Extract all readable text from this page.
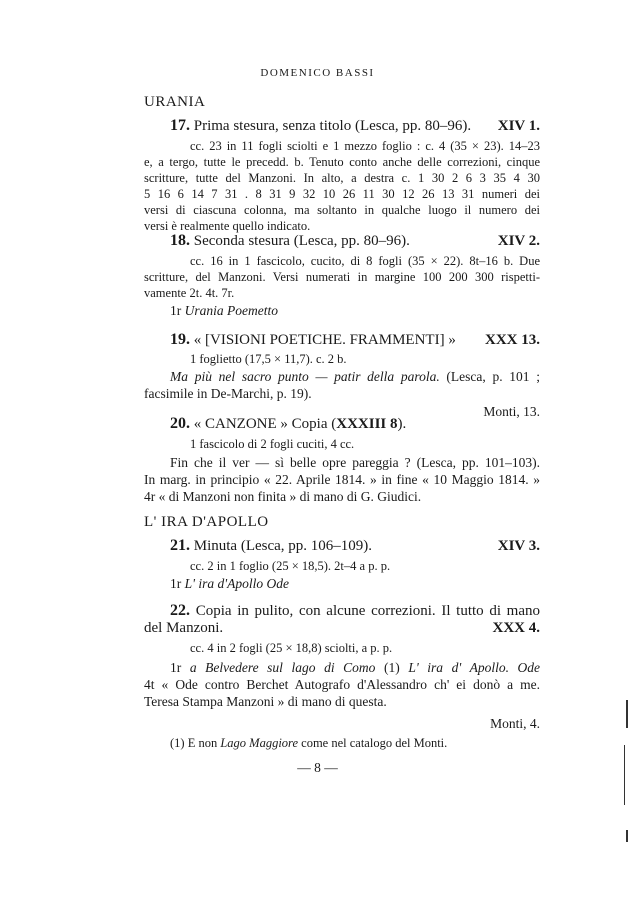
DOMENICO BASSI
URANIA
17. Prima stesura, senza titolo (Lesca, pp. 80–96). XIV 1.
cc. 23 in 11 fogli sciolti e 1 mezzo foglio : c. 4 (35 × 23). 14–23
e, a tergo, tutte le precedd. b. Tenuto conto anche delle correzioni, cinque
scritture, tutte del Manzoni. In alto, a destra c. 1 30 2 6 3 35 4 30
5 16 6 14 7 31 . 8 31 9 32 10 26 11 30 12 26 13 31 numeri dei
versi di ciascuna colonna, ma soltanto in qualche luogo il numero dei
versi è realmente quello indicato.
18. Seconda stesura (Lesca, pp. 80–96).	XIV 2.
cc. 16 in 1 fascicolo, cucito, di 8 fogli (35 × 22). 8t–16 b. Due
scritture, del Manzoni. Versi numerati in margine 100 200 300 rispetti-
vamente 2t. 4t. 7r.
1r Urania Poemetto
19. « [VISIONI POETICHE. FRAMMENTI] » XXX 13.
1 foglietto (17,5 × 11,7). c. 2 b.
Ma più nel sacro punto — patir della parola. (Lesca, p. 101 ;
facsimile in De-Marchi, p. 19).
Monti, 13.
20. « CANZONE » Copia (XXXIII 8).
1 fascicolo di 2 fogli cuciti, 4 cc.
Fin che il ver — sì belle opre pareggia ? (Lesca, pp. 101–103).
In marg. in principio « 22. Aprile 1814. » in fine « 10 Maggio 1814. »
4r « di Manzoni non finita » di mano di G. Giudici.
L' IRA D'APOLLO
21. Minuta (Lesca, pp. 106–109).	XIV 3.
cc. 2 in 1 foglio (25 × 18,5). 2t–4 a p. p.
1r L' ira d'Apollo Ode
22. Copia in pulito, con alcune correzioni. Il tutto di mano
del Manzoni.	XXX 4.
cc. 4 in 2 fogli (25 × 18,8) sciolti, a p. p.
1r a Belvedere sul lago di Como (1) L' ira d' Apollo. Ode
4t « Ode contro Berchet Autografo d'Alessandro ch' ei donò a me.
Teresa Stampa Manzoni » di mano di questa.
Monti, 4.
(1) E non Lago Maggiore come nel catalogo del Monti.
— 8 —
